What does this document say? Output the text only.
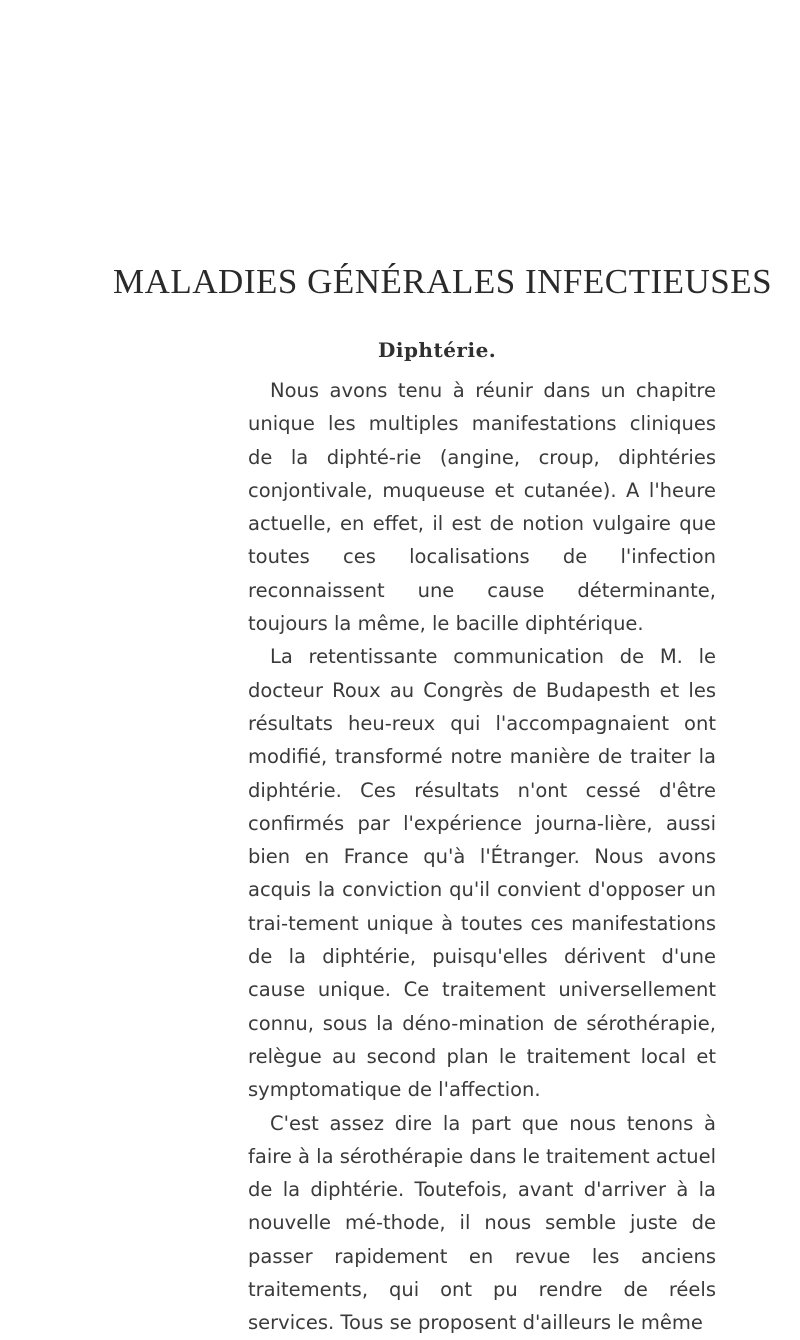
MALADIES GÉNÉRALES INFECTIEUSES
Diphtérie.

Nous avons tenu à réunir dans un chapitre unique les multiples manifestations cliniques de la diphté-rie (angine, croup, diphtéries conjontivale, muqueuse et cutanée). A l'heure actuelle, en effet, il est de notion vulgaire que toutes ces localisations de l'infection reconnaissent une cause déterminante, toujours la même, le bacille diphtérique.

La retentissante communication de M. le docteur Roux au Congrès de Budapesth et les résultats heu-reux qui l'accompagnaient ont modifié, transformé notre manière de traiter la diphtérie. Ces résultats n'ont cessé d'être confirmés par l'expérience journa-lière, aussi bien en France qu'à l'Étranger. Nous avons acquis la conviction qu'il convient d'opposer un trai-tement unique à toutes ces manifestations de la diphtérie, puisqu'elles dérivent d'une cause unique. Ce traitement universellement connu, sous la déno-mination de sérothérapie, relègue au second plan le traitement local et symptomatique de l'affection.

C'est assez dire la part que nous tenons à faire à la sérothérapie dans le traitement actuel de la diphtérie. Toutefois, avant d'arriver à la nouvelle mé-thode, il nous semble juste de passer rapidement en revue les anciens traitements, qui ont pu rendre de réels services. Tous se proposent d'ailleurs le même
